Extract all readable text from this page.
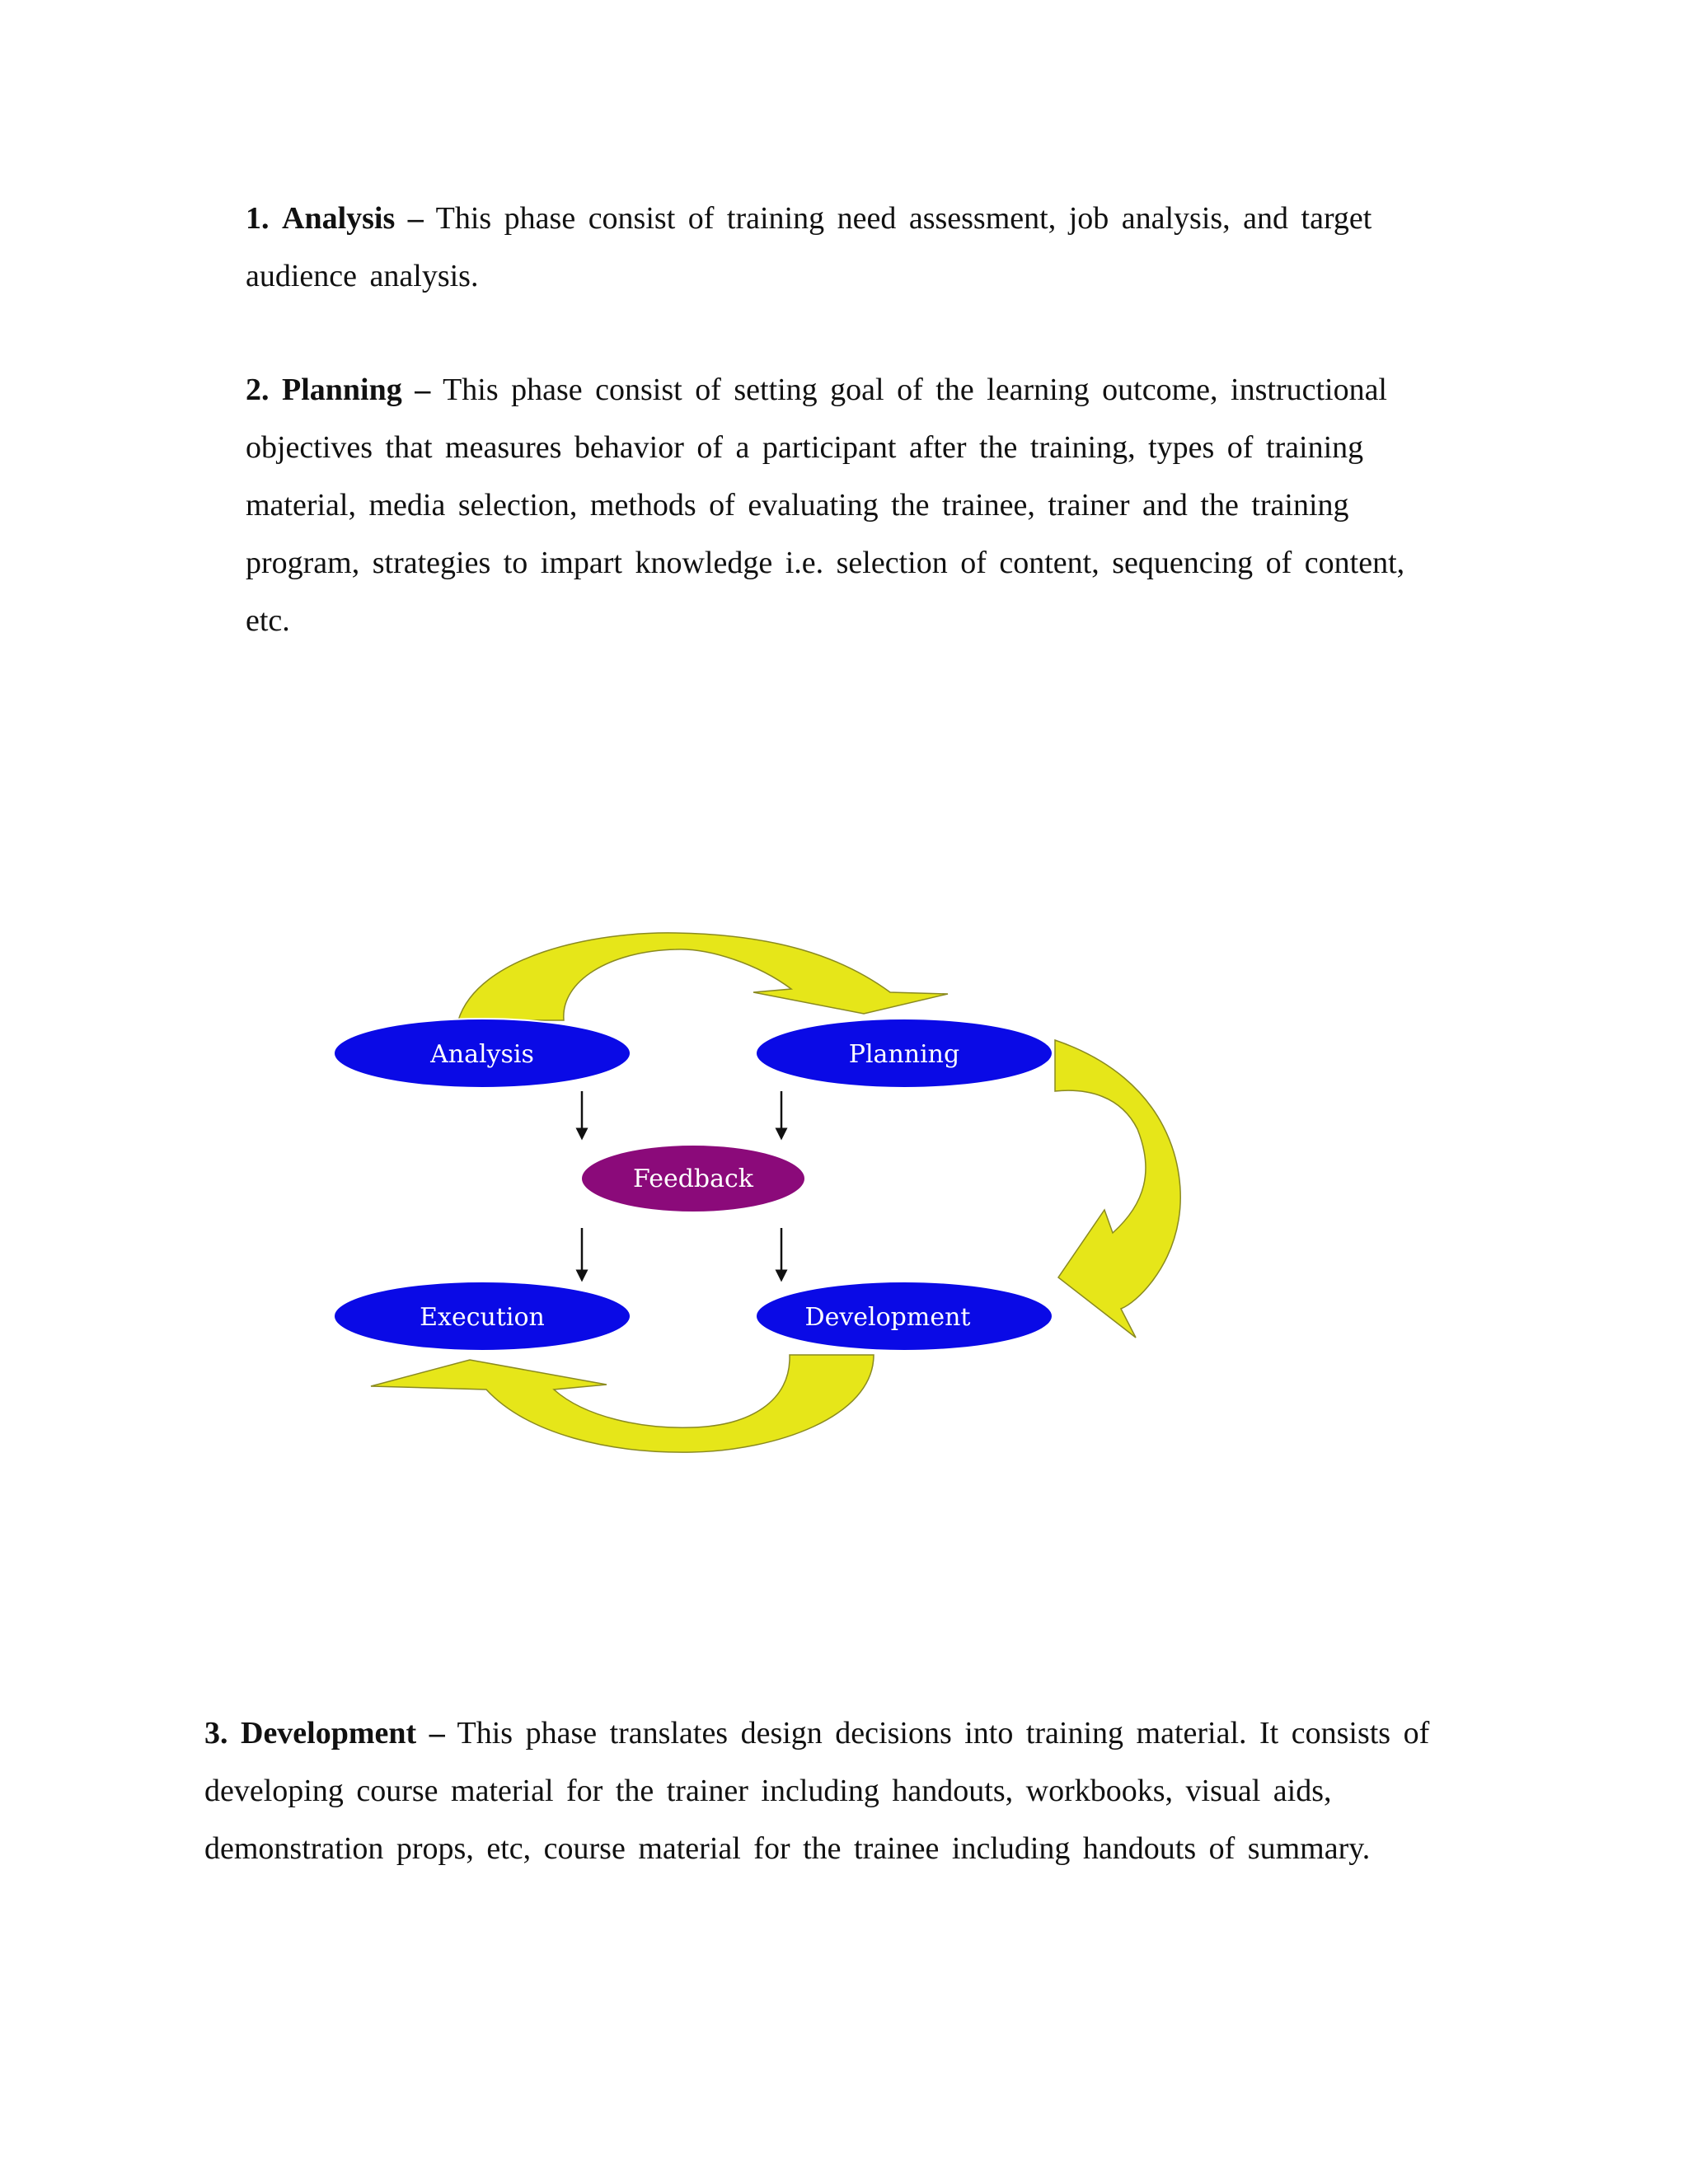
1. Analysis – This phase consist of training need assessment, job analysis, and target audience analysis.

2. Planning – This phase consist of setting goal of the learning outcome, instructional objectives that measures behavior of a participant after the training, types of training material, media selection, methods of evaluating the trainee, trainer and the training program, strategies to impart knowledge i.e. selection of content, sequencing of content, etc.

Analysis	Planning
Feedback
Execution	Development

3. Development – This phase translates design decisions into training material. It consists of developing course material for the trainer including handouts, workbooks, visual aids, demonstration props, etc, course material for the trainee including handouts of summary.
